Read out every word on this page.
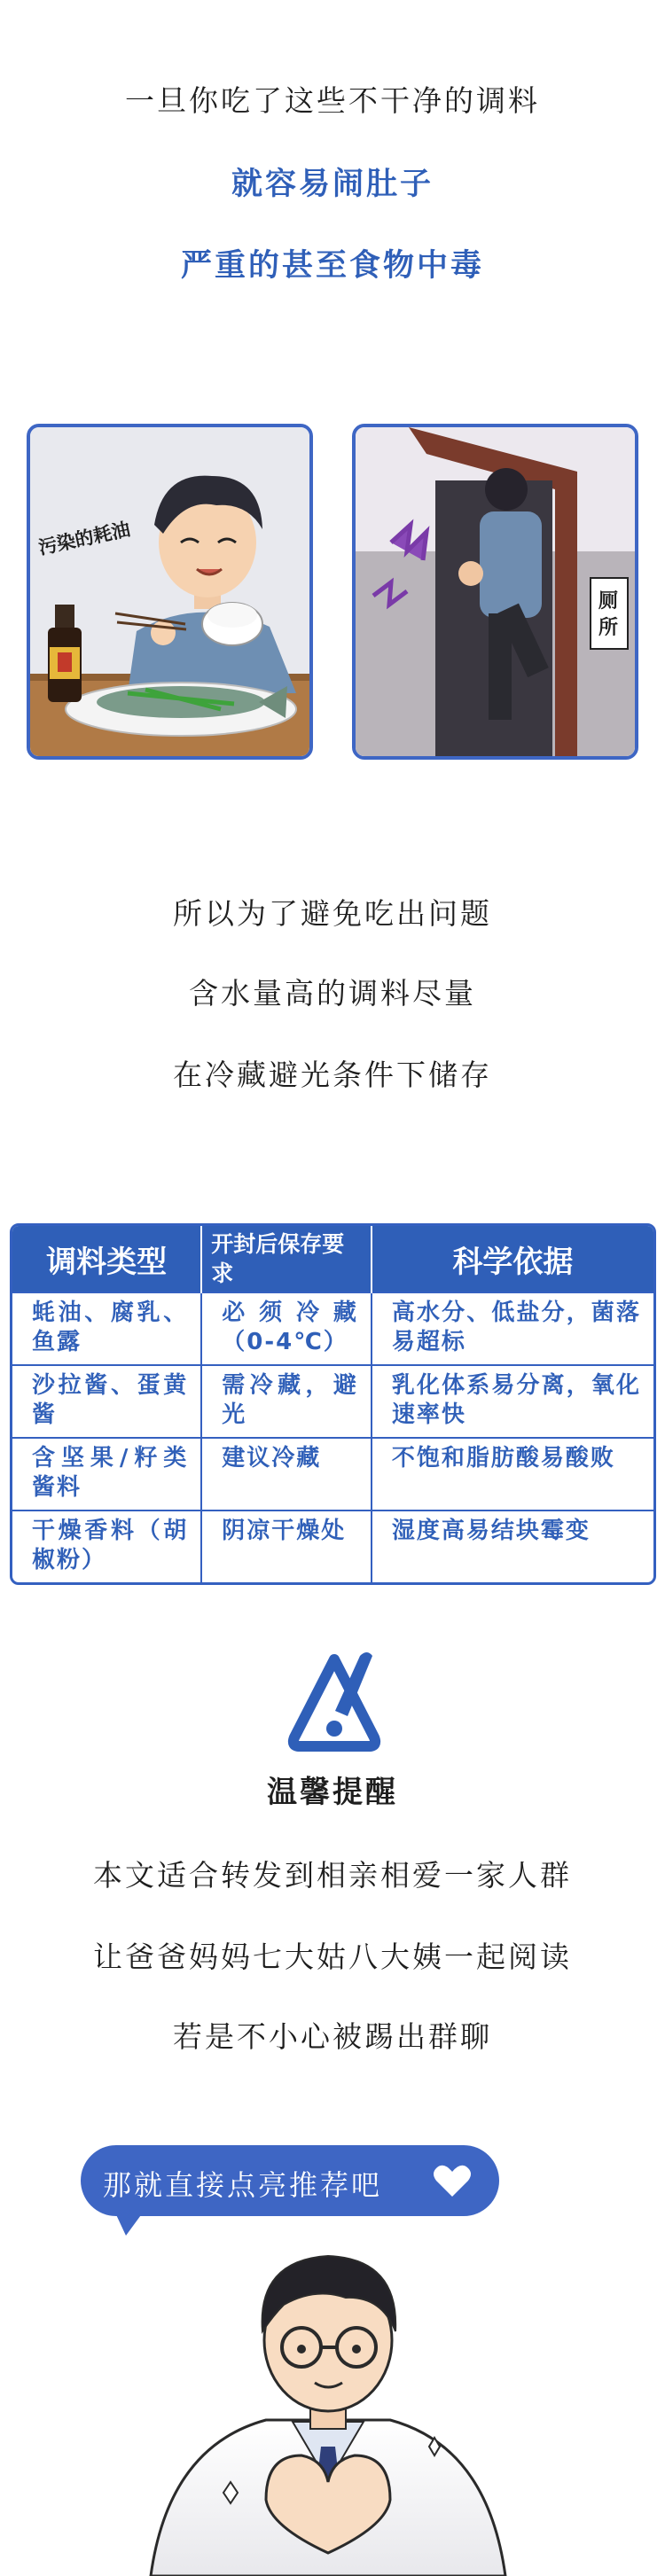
一旦你吃了这些不干净的调料
就容易闹肚子
严重的甚至食物中毒
污染的耗油
厕所
所以为了避免吃出问题
含水量高的调料尽量
在冷藏避光条件下储存
调料类型	开封后保存要求	科学依据
蚝油、腐乳、鱼露	必须冷藏（0-4℃）	高水分、低盐分，菌落易超标
沙拉酱、蛋黄酱	需冷藏，避光	乳化体系易分离，氧化速率快
含坚果/籽类酱料	建议冷藏	不饱和脂肪酸易酸败
干燥香料（胡椒粉）	阴凉干燥处	湿度高易结块霉变
温馨提醒
本文适合转发到相亲相爱一家人群
让爸爸妈妈七大姑八大姨一起阅读
若是不小心被踢出群聊
那就直接点亮推荐吧
